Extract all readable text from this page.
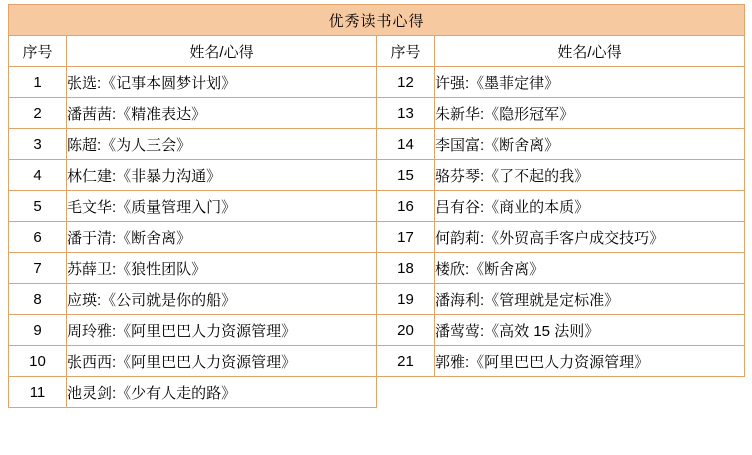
优秀读书心得			
序号	姓名/心得	序号	姓名/心得
1	张选:《记事本圆梦计划》	12	许强:《墨菲定律》
2	潘茜茜:《精准表达》	13	朱新华:《隐形冠军》
3	陈超:《为人三会》	14	李国富:《断舍离》
4	林仁建:《非暴力沟通》	15	骆芬琴:《了不起的我》
5	毛文华:《质量管理入门》	16	吕有谷:《商业的本质》
6	潘于清:《断舍离》	17	何韵莉:《外贸高手客户成交技巧》
7	苏薛卫:《狼性团队》	18	楼欣:《断舍离》
8	应瑛:《公司就是你的船》	19	潘海利:《管理就是定标准》
9	周玲雅:《阿里巴巴人力资源管理》	20	潘莺莺:《高效 15 法则》
10	张西西:《阿里巴巴人力资源管理》	21	郭雅:《阿里巴巴人力资源管理》
11	池灵剑:《少有人走的路》		
